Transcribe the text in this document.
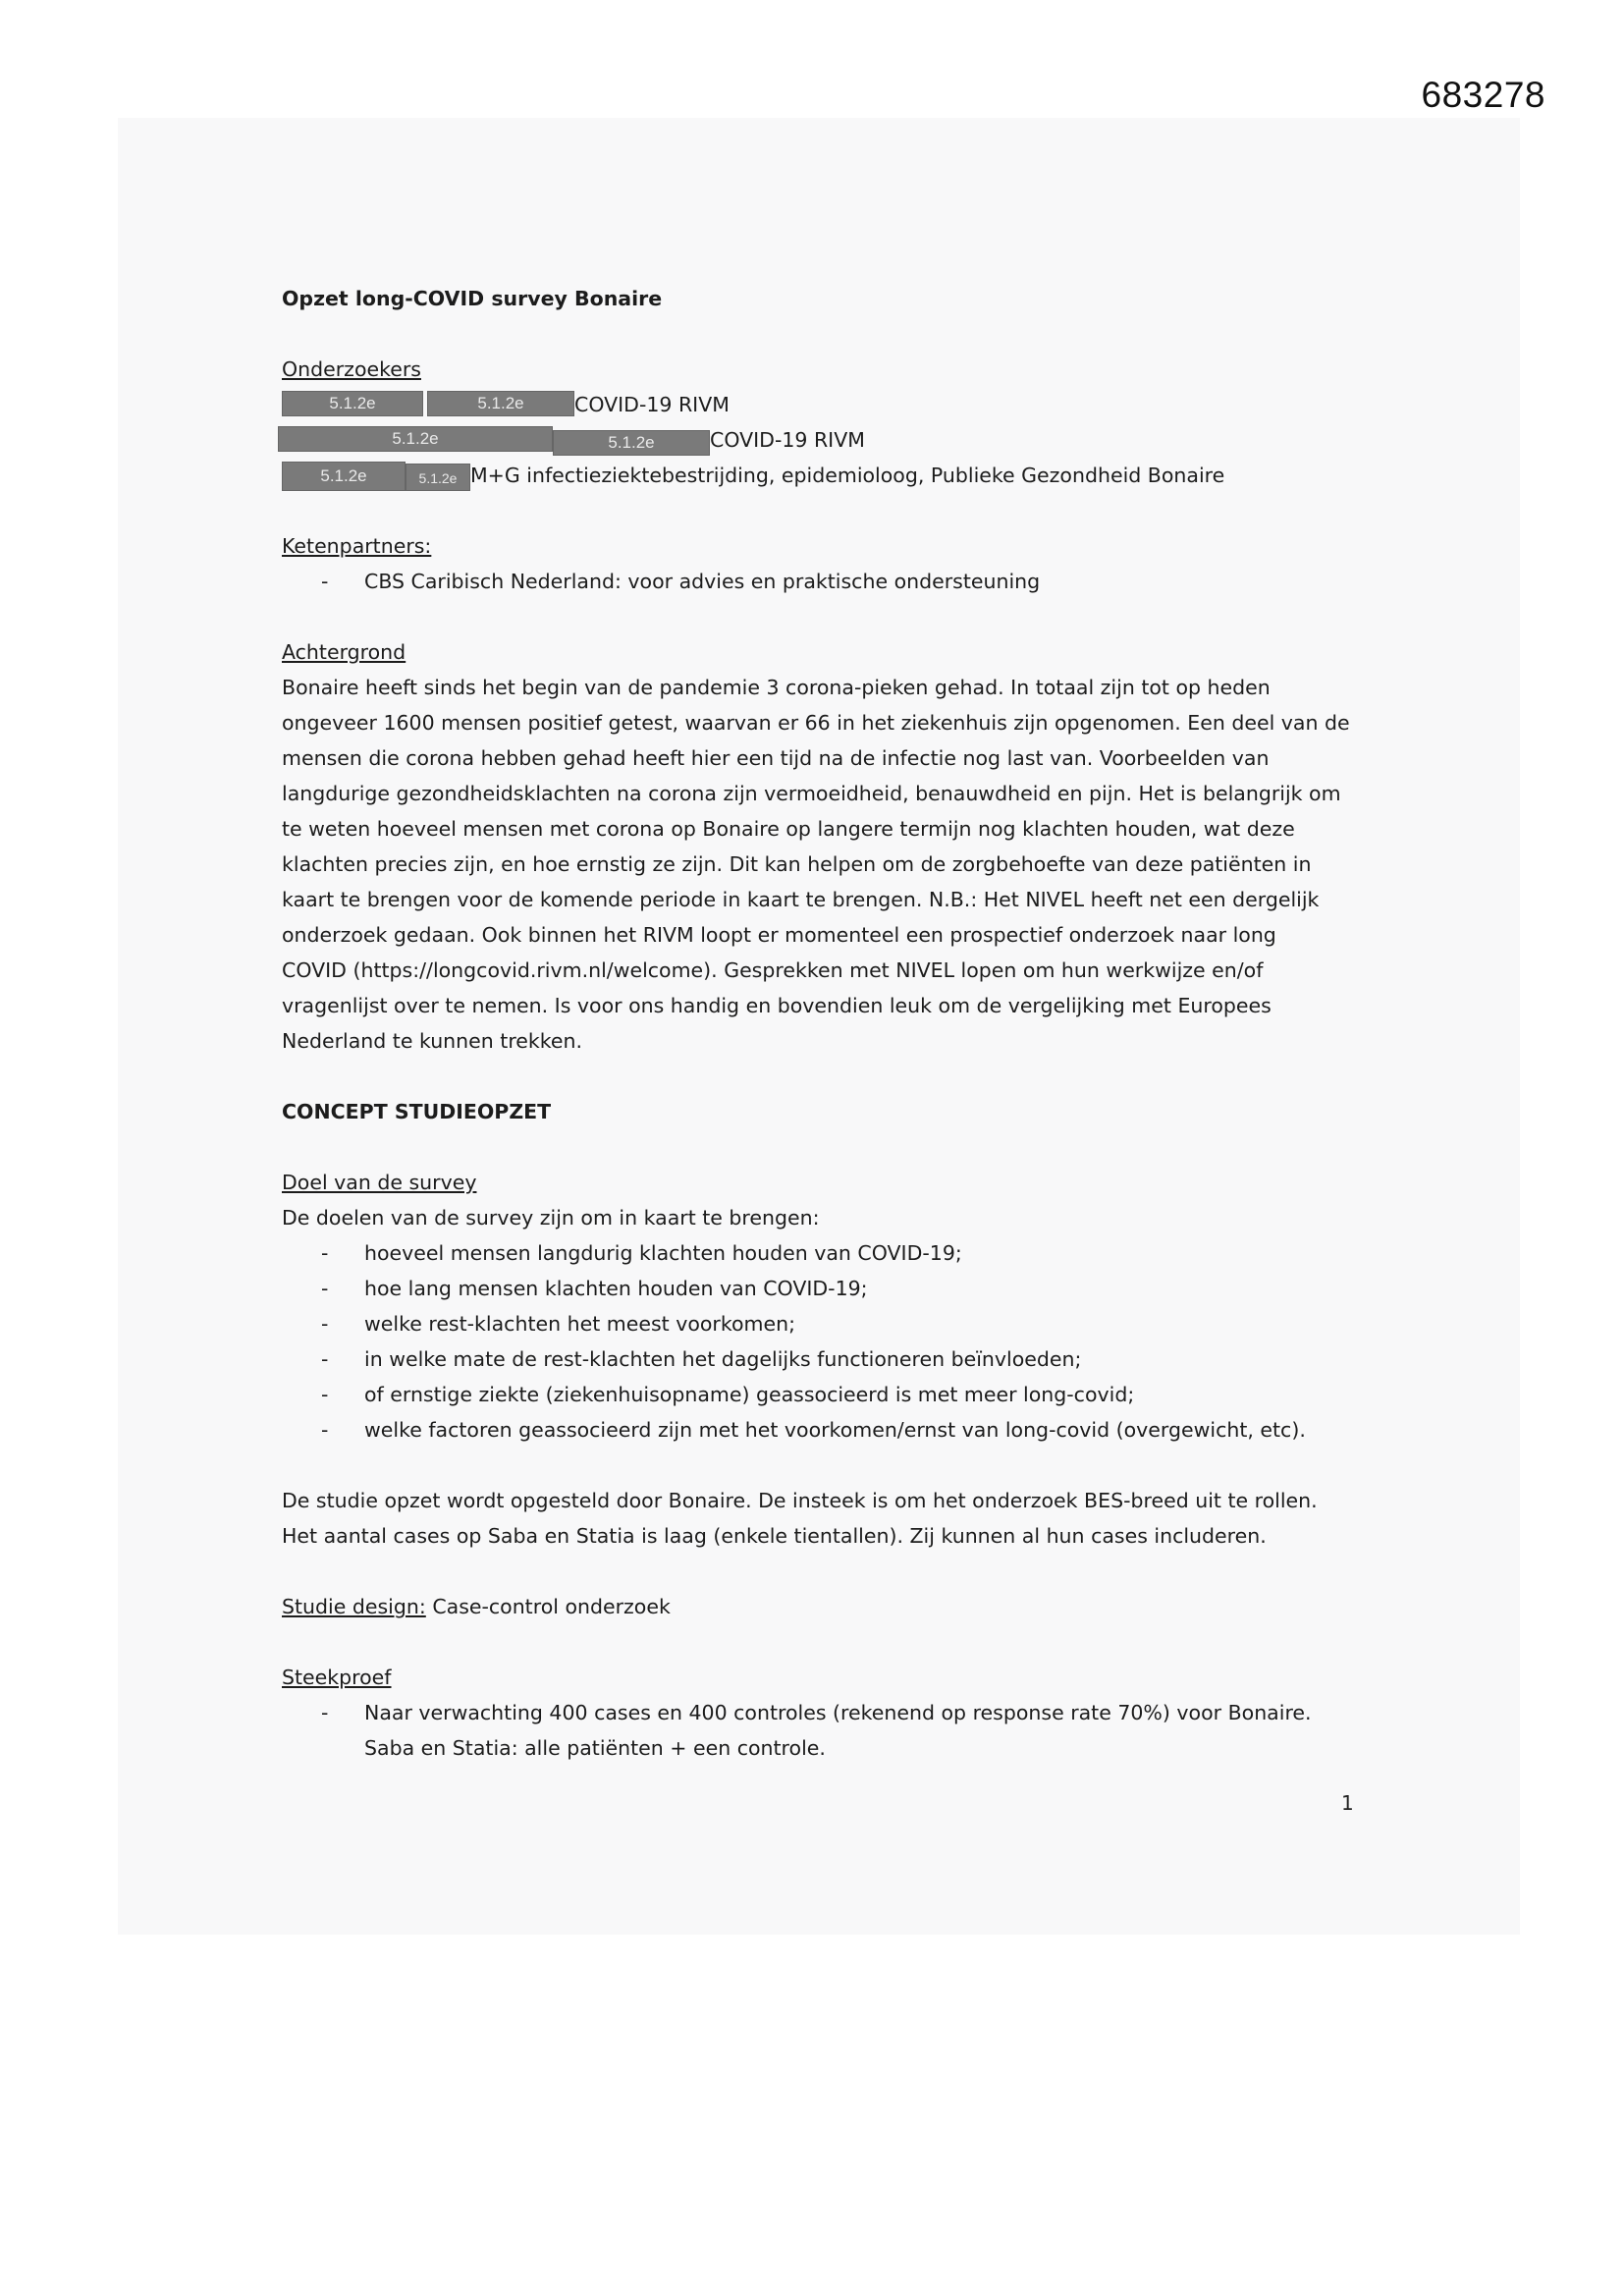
683278

Opzet long-COVID survey Bonaire

Onderzoekers

5.1.2e	5.1.2e	COVID-19 RIVM
5.1.2e	5.1.2e	COVID-19 RIVM
5.1.2e	5.1.2e M+G infectieziektebestrijding, epidemioloog, Publieke Gezondheid Bonaire

Ketenpartners:

- CBS Caribisch Nederland: voor advies en praktische ondersteuning

Achtergrond

Bonaire heeft sinds het begin van de pandemie 3 corona-pieken gehad. In totaal zijn tot op heden
ongeveer 1600 mensen positief getest, waarvan er 66 in het ziekenhuis zijn opgenomen. Een deel van de
mensen die corona hebben gehad heeft hier een tijd na de infectie nog last van. Voorbeelden van
langdurige gezondheidsklachten na corona zijn vermoeidheid, benauwdheid en pijn. Het is belangrijk om
te weten hoeveel mensen met corona op Bonaire op langere termijn nog klachten houden, wat deze
klachten precies zijn, en hoe ernstig ze zijn. Dit kan helpen om de zorgbehoefte van deze patiënten in
kaart te brengen voor de komende periode in kaart te brengen. N.B.: Het NIVEL heeft net een dergelijk
onderzoek gedaan. Ook binnen het RIVM loopt er momenteel een prospectief onderzoek naar long
COVID (https://longcovid.rivm.nl/welcome). Gesprekken met NIVEL lopen om hun werkwijze en/of
vragenlijst over te nemen. Is voor ons handig en bovendien leuk om de vergelijking met Europees
Nederland te kunnen trekken.

CONCEPT STUDIEOPZET

Doel van de survey

De doelen van de survey zijn om in kaart te brengen:

- hoeveel mensen langdurig klachten houden van COVID-19;
- hoe lang mensen klachten houden van COVID-19;
- welke rest-klachten het meest voorkomen;
- in welke mate de rest-klachten het dagelijks functioneren beïnvloeden;
- of ernstige ziekte (ziekenhuisopname) geassocieerd is met meer long-covid;
- welke factoren geassocieerd zijn met het voorkomen/ernst van long-covid (overgewicht, etc).
De studie opzet wordt opgesteld door Bonaire. De insteek is om het onderzoek BES-breed uit te rollen.
Het aantal cases op Saba en Statia is laag (enkele tientallen). Zij kunnen al hun cases includeren.

Studie design: Case-control onderzoek

Steekproef

- Naar verwachting 400 cases en 400 controles (rekenend op response rate 70%) voor Bonaire.
Saba en Statia: alle patiënten + een controle.
1
